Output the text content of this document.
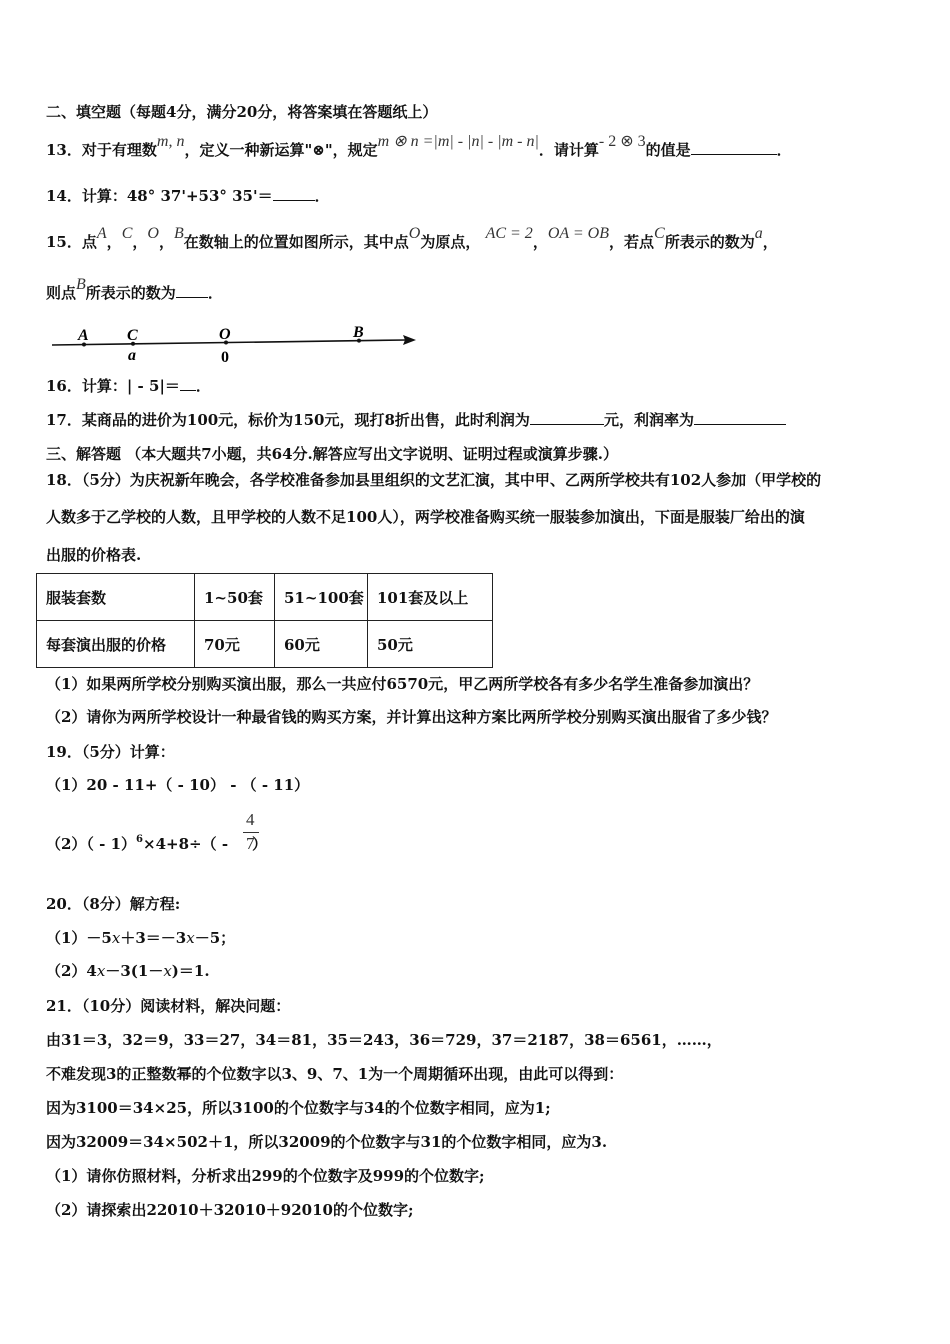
二、填空题（每题4分，满分20分，将答案填在答题纸上）
13．对于有理数m, n，定义一种新运算"⊗"，规定m ⊗ n =|m| - |n| - |m - n|．请计算- 2 ⊗ 3的值是	．
14．计算：48° 37'+53° 35'＝	．
15．点A，C，O，B在数轴上的位置如图所示，其中点O为原点， AC = 2，OA = OB，若点C所表示的数为a，
则点B所表示的数为 ．
A C	O	B
a	0
16．计算：| - 5|＝ ．
17．某商品的进价为100元，标价为150元，现打8折出售，此时利润为	元，利润率为
三、解答题 （本大题共7小题，共64分.解答应写出文字说明、证明过程或演算步骤.）
18．（5分）为庆祝新年晚会，各学校准备参加县里组织的文艺汇演，其中甲、乙两所学校共有102人参加（甲学校的
人数多于乙学校的人数，且甲学校的人数不足100人），两学校准备购买统一服装参加演出，下面是服装厂给出的演
出服的价格表.
服装套数	1~50套	51~100套	101套及以上
每套演出服的价格	70元	60元	50元
（1）如果两所学校分别购买演出服，那么一共应付6570元，甲乙两所学校各有多少名学生准备参加演出？
（2）请你为两所学校设计一种最省钱的购买方案，并计算出这种方案比两所学校分别购买演出服省了多少钱？
19．（5分）计算：
（1）20 - 11+（ - 10） - （ - 11）
（2）（ - 1）$^6$×4+8÷（ - ）
4
7
20．（8分）解方程:
（1）－5x＋3＝－3x－5；
（2）4x－3(1－x)＝1.
21．（10分）阅读材料，解决问题：
由31＝3，32＝9，33＝27，34＝81，35＝243，36＝729，37＝2187，38＝6561，……，
不难发现3的正整数幂的个位数字以3、9、7、1为一个周期循环出现，由此可以得到：
因为3100＝34×25，所以3100的个位数字与34的个位数字相同，应为1;
因为32009＝34×502＋1，所以32009的个位数字与31的个位数字相同，应为3.
（1）请你仿照材料，分析求出299的个位数字及999的个位数字;
（2）请探索出22010＋32010＋92010的个位数字;
